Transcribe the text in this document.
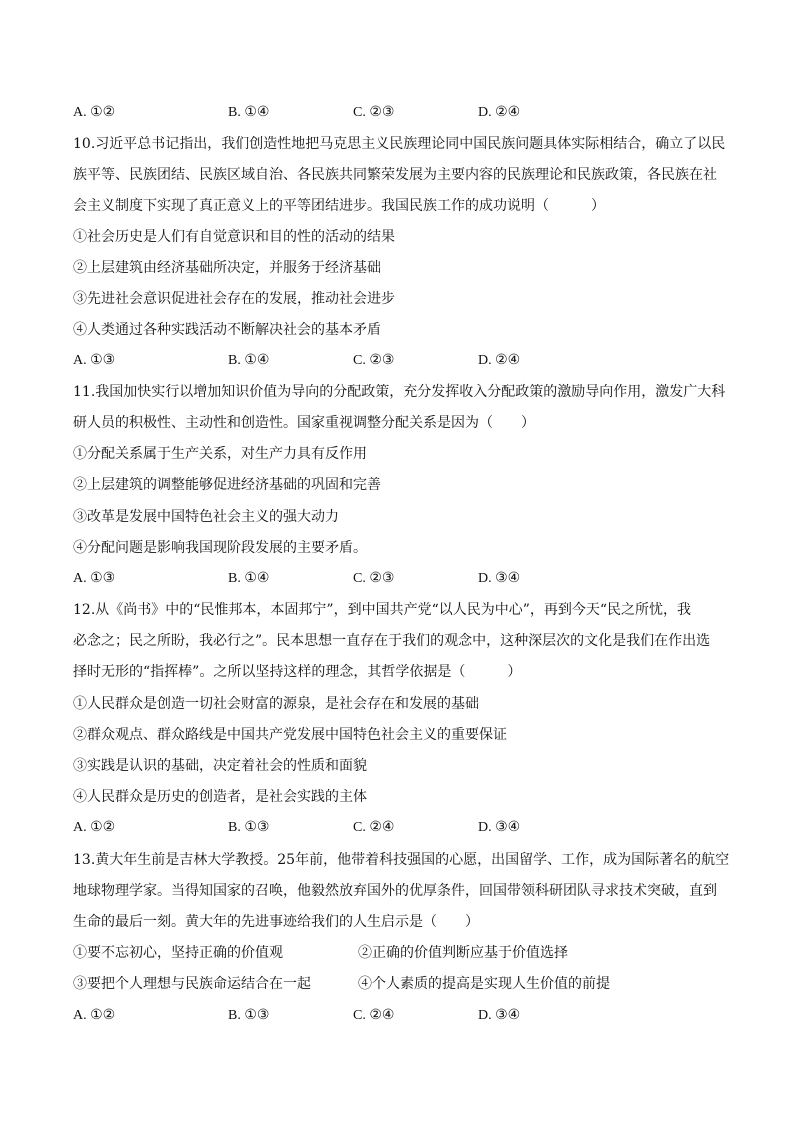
A. ①②	B. ①④	C. ②③	D. ②④
10.习近平总书记指出，我们创造性地把马克思主义民族理论同中国民族问题具体实际相结合，确立了以民
族平等、民族团结、民族区域自治、各民族共同繁荣发展为主要内容的民族理论和民族政策，各民族在社
会主义制度下实现了真正意义上的平等团结进步。我国民族工作的成功说明（　　　）
①社会历史是人们有自觉意识和目的性的活动的结果
②上层建筑由经济基础所决定，并服务于经济基础
③先进社会意识促进社会存在的发展，推动社会进步
④人类通过各种实践活动不断解决社会的基本矛盾
A. ①③	B. ①④	C. ②③	D. ②④
11.我国加快实行以增加知识价值为导向的分配政策，充分发挥收入分配政策的激励导向作用，激发广大科
研人员的积极性、主动性和创造性。国家重视调整分配关系是因为（　　）
①分配关系属于生产关系，对生产力具有反作用
②上层建筑的调整能够促进经济基础的巩固和完善
③改革是发展中国特色社会主义的强大动力
④分配问题是影响我国现阶段发展的主要矛盾。
A. ①③	B. ①④	C. ②③	D. ③④
12.从《尚书》中的“民惟邦本，本固邦宁”，到中国共产党“以人民为中心”，再到今天“民之所忧，我
必念之；民之所盼，我必行之”。民本思想一直存在于我们的观念中，这种深层次的文化是我们在作出选
择时无形的“指挥棒”。之所以坚持这样的理念，其哲学依据是（　　　）
①人民群众是创造一切社会财富的源泉，是社会存在和发展的基础
②群众观点、群众路线是中国共产党发展中国特色社会主义的重要保证
③实践是认识的基础，决定着社会的性质和面貌
④人民群众是历史的创造者，是社会实践的主体
A. ①②	B. ①③	C. ②④	D. ③④
13.黄大年生前是吉林大学教授。25年前，他带着科技强国的心愿，出国留学、工作，成为国际著名的航空
地球物理学家。当得知国家的召唤，他毅然放弃国外的优厚条件，回国带领科研团队寻求技术突破，直到
生命的最后一刻。黄大年的先进事迹给我们的人生启示是（　　）
①要不忘初心，坚持正确的价值观	②正确的价值判断应基于价值选择
③要把个人理想与民族命运结合在一起	④个人素质的提高是实现人生价值的前提
A. ①②	B. ①③	C. ②④	D. ③④
